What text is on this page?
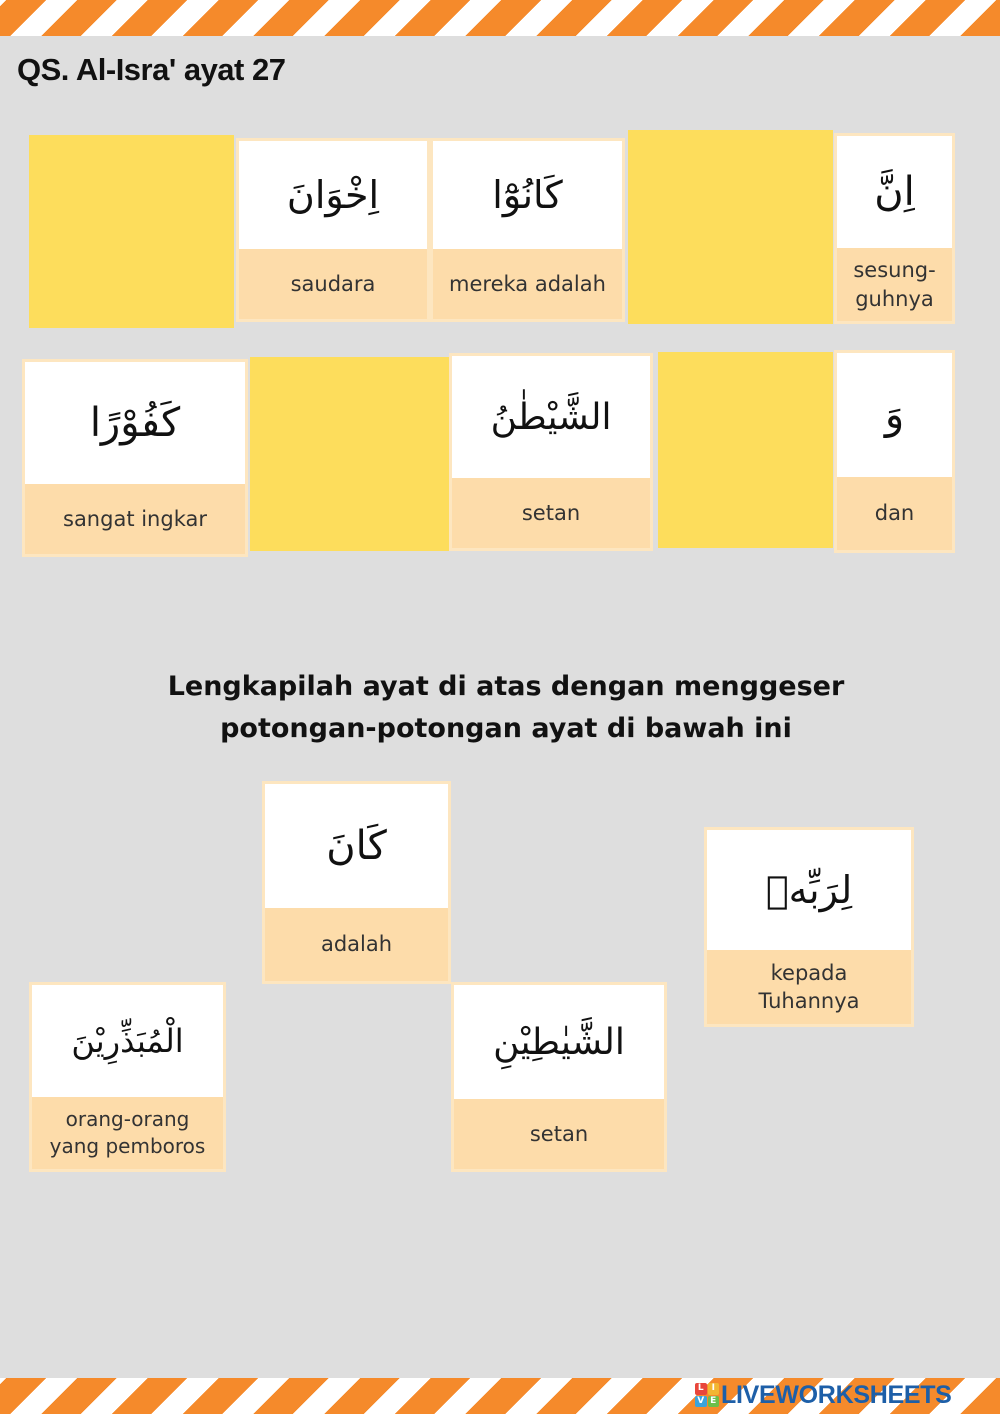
QS. Al-Isra' ayat 27
اِخْوَانَ
saudara
كَانُوْٓا
mereka adalah
اِنَّ
sesung-
guhnya
كَفُوْرًا
sangat ingkar
الشَّيْطٰنُ
setan
وَ
dan

Lengkapilah ayat di atas dengan menggeser
potongan-potongan ayat di bawah ini

كَانَ
adalah
لِرَبِّهٖ
kepada
Tuhannya
الْمُبَذِّرِيْنَ
orang-orang
yang pemboros
الشَّيٰطِيْنِ
setan
L I
V E LIVEWORKSHEETS
